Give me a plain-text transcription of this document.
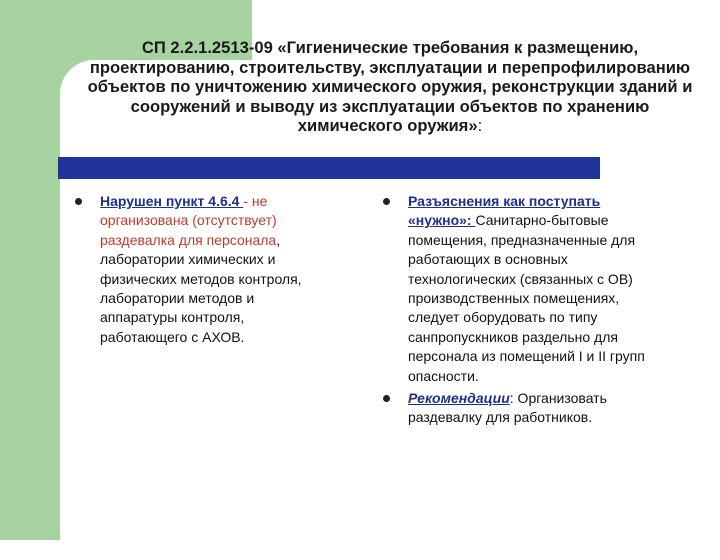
СП 2.2.1.2513-09 «Гигиенические требования к размещению, проектированию, строительству, эксплуатации и перепрофилированию объектов по уничтожению химического оружия, реконструкции зданий и сооружений и выводу из эксплуатации объектов по хранению химического оружия»:
Нарушен пункт 4.6.4 - не организована (отсутствует) раздевалка для персонала, лаборатории химических и физических методов контроля, лаборатории методов и аппаратуры контроля, работающего с АХОВ.
Разъяснения как поступать «нужно»: Санитарно-бытовые помещения, предназначенные для работающих в основных технологических (связанных с ОВ) производственных помещениях, следует оборудовать по типу санпропускников раздельно для персонала из помещений I и II групп опасности.
Рекомендации: Организовать раздевалку для работников.
